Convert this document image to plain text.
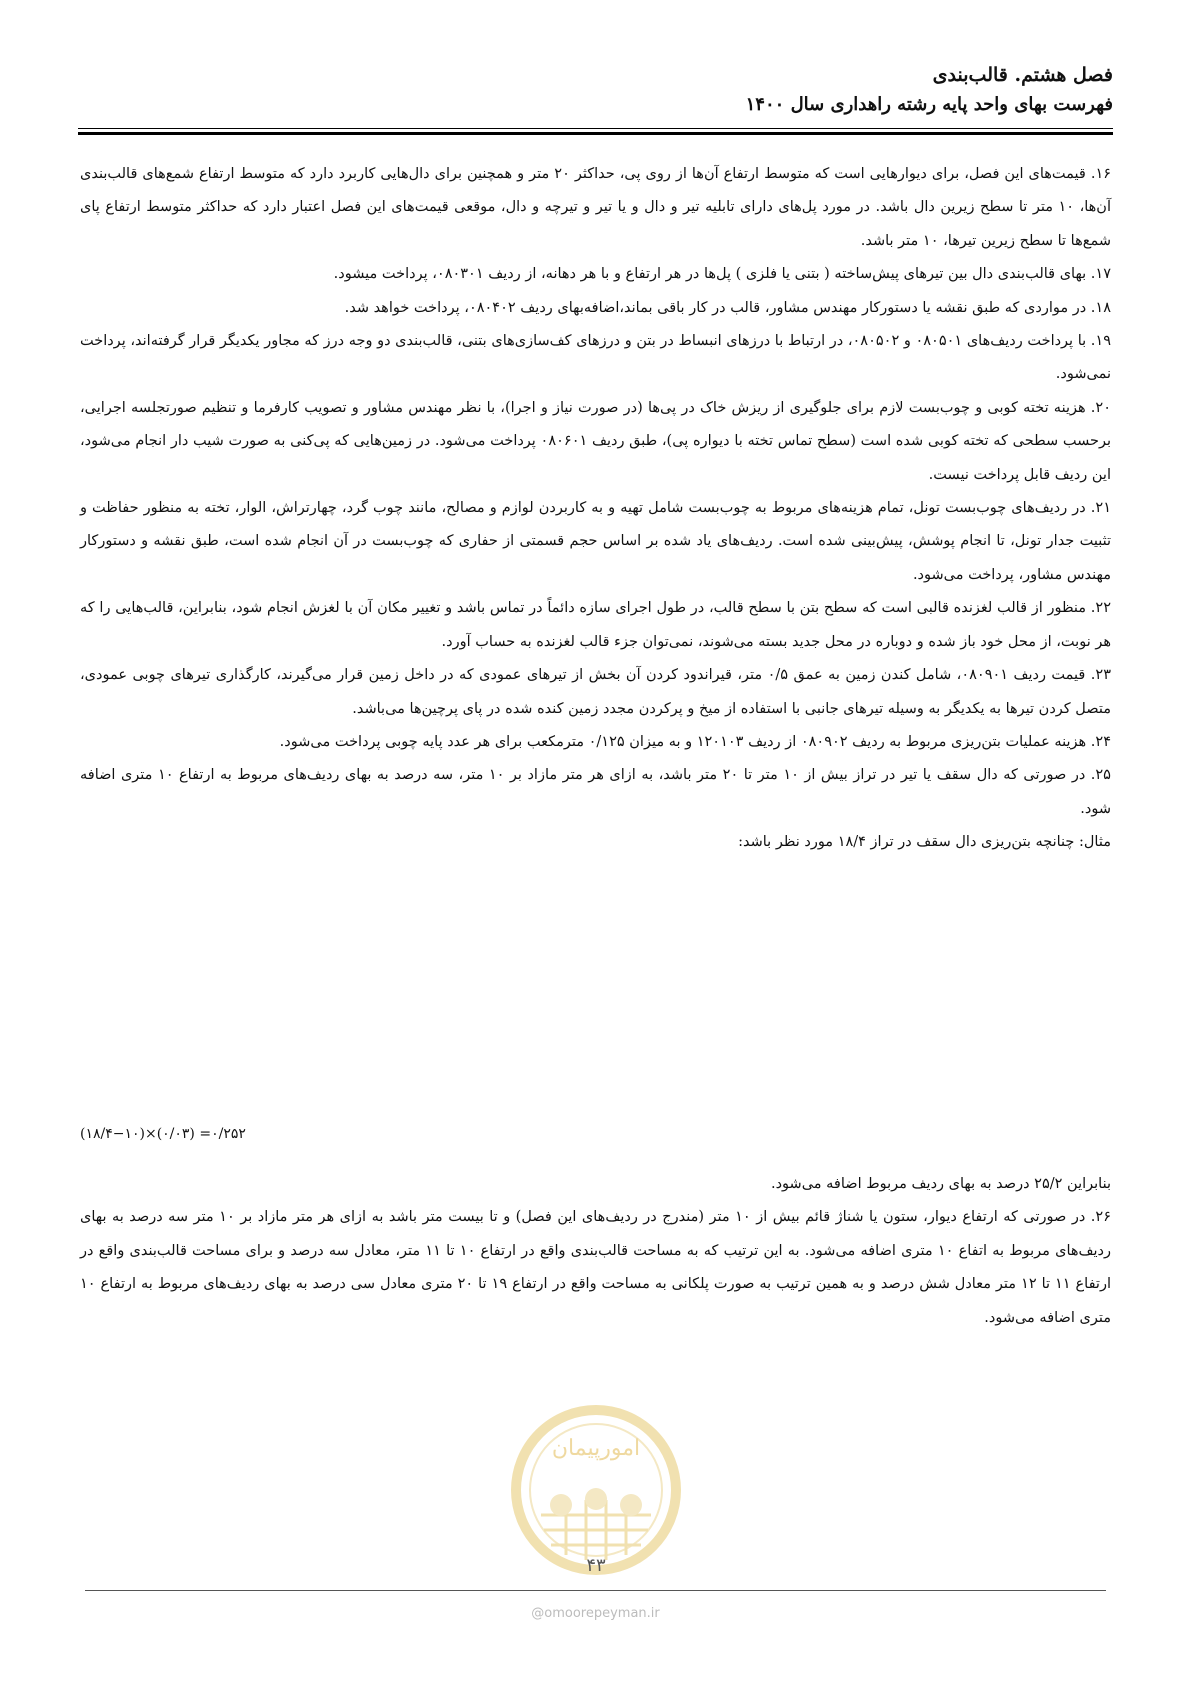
فصل هشتم. قالب‌بندی
فهرست بهای واحد پایه رشته راهداری سال ۱۴۰۰

۱۶. قیمت‌های این فصل، برای دیوارهایی است که متوسط ارتفاع آن‌ها از روی پی، حداکثر ۲۰ متر و همچنین برای دال‌هایی کاربرد دارد که متوسط ارتفاع شمع‌های قالب‌بندی آن‌ها، ۱۰ متر تا سطح زیرین دال باشد. در مورد پل‌های دارای تابلیه تیر و دال و یا تیر و تیرچه و دال، موقعی قیمت‌های این فصل اعتبار دارد که حداکثر متوسط ارتفاع پای شمع‌ها تا سطح زیرین تیرها، ۱۰ متر باشد.

۱۷. بهای قالب‌بندی دال بین تیرهای پیش‌ساخته ( بتنی یا فلزی ) پل‌ها در هر ارتفاع و با هر دهانه، از ردیف ۰۸۰۳۰۱، پرداخت میشود.

۱۸. در مواردی که طبق نقشه یا دستورکار مهندس مشاور، قالب در کار باقی بماند،اضافه‌بهای ردیف ۰۸۰۴۰۲، پرداخت خواهد شد.

۱۹. با پرداخت ردیف‌های ۰۸۰۵۰۱ و ۰۸۰۵۰۲، در ارتباط با درزهای انبساط در بتن و درزهای کف‌سازی‌های بتنی، قالب‌بندی دو وجه درز که مجاور یکدیگر قرار گرفته‌اند، پرداخت نمی‌شود.

۲۰. هزینه تخته کوبی و چوب‌بست لازم برای جلوگیری از ریزش خاک در پی‌ها (در صورت نیاز و اجرا)، با نظر مهندس مشاور و تصویب کارفرما و تنظیم صورتجلسه اجرایی، برحسب سطحی که تخته کوبی شده است (سطح تماس تخته با دیواره پی)، طبق ردیف ۰۸۰۶۰۱ پرداخت می‌شود. در زمین‌هایی که پی‌کنی به صورت شیب دار انجام می‌شود، این ردیف قابل پرداخت نیست.

۲۱. در ردیف‌های چوب‌بست تونل، تمام هزینه‌های مربوط به چوب‌بست شامل تهیه و به کاربردن لوازم و مصالح، مانند چوب گرد، چهارتراش، الوار، تخته به منظور حفاظت و تثبیت جدار تونل، تا انجام پوشش، پیش‌بینی شده است. ردیف‌های یاد شده بر اساس حجم قسمتی از حفاری که چوب‌بست در آن انجام شده است، طبق نقشه و دستورکار مهندس مشاور، پرداخت می‌شود.

۲۲. منظور از قالب لغزنده قالبی است که سطح بتن با سطح قالب، در طول اجرای سازه دائماً در تماس باشد و تغییر مکان آن با لغزش انجام شود، بنابراین، قالب‌هایی را که هر نوبت، از محل خود باز شده و دوباره در محل جدید بسته می‌شوند، نمی‌توان جزء قالب لغزنده به حساب آورد.

۲۳. قیمت ردیف ۰۸۰۹۰۱، شامل کندن زمین به عمق ۰/۵ متر، قیراندود کردن آن بخش از تیرهای عمودی که در داخل زمین قرار می‌گیرند، کارگذاری تیرهای چوبی عمودی، متصل کردن تیرها به یکدیگر به وسیله تیرهای جانبی با استفاده از میخ و پرکردن مجدد زمین کنده شده در پای پرچین‌ها می‌باشد.

۲۴. هزینه عملیات بتن‌ریزی مربوط به ردیف ۰۸۰۹۰۲ از ردیف ۱۲۰۱۰۳ و به میزان ۰/۱۲۵ مترمکعب برای هر عدد پایه چوبی پرداخت می‌شود.

۲۵. در صورتی که دال سقف یا تیر در تراز بیش از ۱۰ متر تا ۲۰ متر باشد، به ازای هر متر مازاد بر ۱۰ متر، سه درصد به بهای ردیف‌های مربوط به ارتفاع ۱۰ متری اضافه شود.

مثال: چنانچه بتن‌ریزی دال سقف در تراز ۱۸/۴ مورد نظر باشد:

(۱۸/۴−۱۰)×(۰/۰۳) =۰/۲۵۲

بنابراین ۲۵/۲ درصد به بهای ردیف مربوط اضافه می‌شود.

۲۶. در صورتی که ارتفاع دیوار، ستون یا شناژ قائم بیش از ۱۰ متر (مندرج در ردیف‌های این فصل) و تا بیست متر باشد به ازای هر متر مازاد بر ۱۰ متر سه درصد به بهای ردیف‌های مربوط به اتفاع ۱۰ متری اضافه می‌شود. به این ترتیب که به مساحت قالب‌بندی واقع در ارتفاع ۱۰ تا ۱۱ متر، معادل سه درصد و برای مساحت قالب‌بندی واقع در ارتفاع ۱۱ تا ۱۲ متر معادل شش درصد و به همین ترتیب به صورت پلکانی به مساحت واقع در ارتفاع ۱۹ تا ۲۰ متری معادل سی درصد به بهای ردیف‌های مربوط به ارتفاع ۱۰ متری اضافه می‌شود.

امورپیمان
۴۳
@omoorepeyman.ir
